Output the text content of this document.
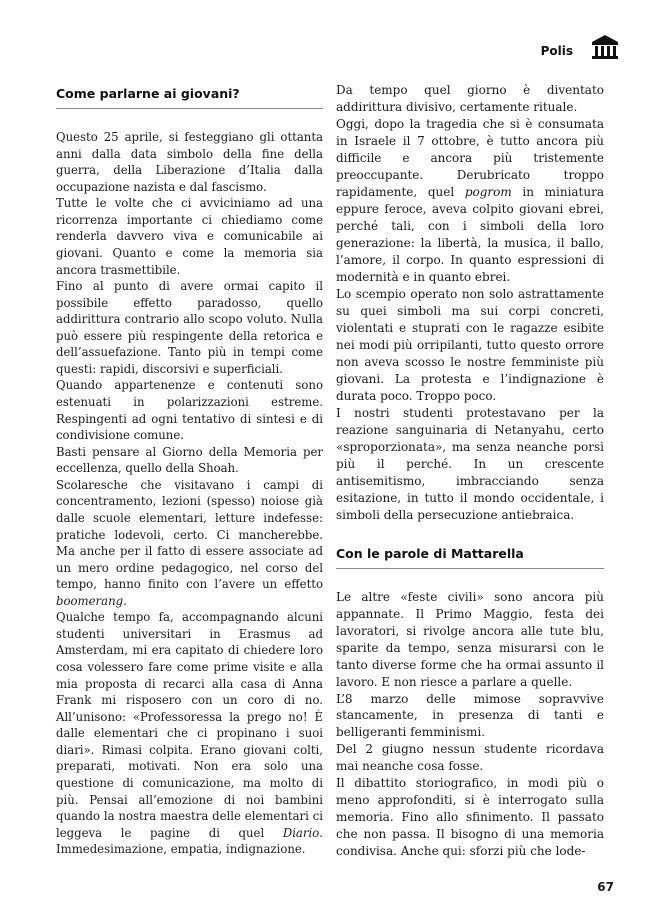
Polis
Come parlarne ai giovani?

Questo 25 aprile, si festeggiano gli ottanta anni dalla data simbolo della fine della guerra, della Liberazione d’Italia dalla occupazione nazista e dal fascismo.

Tutte le volte che ci avviciniamo ad una ricorrenza importante ci chiediamo come renderla davvero viva e comunicabile ai giovani. Quanto e come la memoria sia ancora trasmettibile.

Fino al punto di avere ormai capito il possibile effetto paradosso, quello addirittura contrario allo scopo voluto. Nulla può essere più respingente della retorica e dell’assuefazione. Tanto più in tempi come questi: rapidi, discorsivi e superficiali.

Quando appartenenze e contenuti sono estenuati in polarizzazioni estreme. Respingenti ad ogni tentativo di sintesi e di condivisione comune.

Basti pensare al Giorno della Memoria per eccellenza, quello della Shoah.

Scolaresche che visitavano i campi di concentramento, lezioni (spesso) noiose già dalle scuole elementari, letture indefesse: pratiche lodevoli, certo. Ci mancherebbe. Ma anche per il fatto di essere associate ad un mero ordine pedagogico, nel corso del tempo, hanno finito con l’avere un effetto boomerang.

Qualche tempo fa, accompagnando alcuni studenti universitari in Erasmus ad Amsterdam, mi era capitato di chiedere loro cosa volessero fare come prime visite e alla mia proposta di recarci alla casa di Anna Frank mi risposero con un coro di no. All’unisono: «Professoressa la prego no! È dalle elementari che ci propinano i suoi diari». Rimasi colpita. Erano giovani colti, preparati, motivati. Non era solo una questione di comunicazione, ma molto di più. Pensai all’emozione di noi bambini quando la nostra maestra delle elementari ci leggeva le pagine di quel Diario. Immedesimazione, empatia, indignazione.

Da tempo quel giorno è diventato addirittura divisivo, certamente rituale.

Oggi, dopo la tragedia che si è consumata in Israele il 7 ottobre, è tutto ancora più difficile e ancora più tristemente preoccupante. Derubricato troppo rapidamente, quel pogrom in miniatura eppure feroce, aveva colpito giovani ebrei, perché tali, con i simboli della loro generazione: la libertà, la musica, il ballo, l’amore, il corpo. In quanto espressioni di modernità e in quanto ebrei.

Lo scempio operato non solo astrattamente su quei simboli ma sui corpi concreti, violentati e stuprati con le ragazze esibite nei modi più orripilanti, tutto questo orrore non aveva scosso le nostre femministe più giovani. La protesta e l’indignazione è durata poco. Troppo poco.

I nostri studenti protestavano per la reazione sanguinaria di Netanyahu, certo «sproporzionata», ma senza neanche porsi più il perché. In un crescente antisemitismo, imbracciando senza esitazione, in tutto il mondo occidentale, i simboli della persecuzione antiebraica.

Con le parole di Mattarella

Le altre «feste civili» sono ancora più appannate. Il Primo Maggio, festa dei lavoratori, si rivolge ancora alle tute blu, sparite da tempo, senza misurarsi con le tanto diverse forme che ha ormai assunto il lavoro. E non riesce a parlare a quelle.

L’8 marzo delle mimose sopravvive stancamente, in presenza di tanti e belligeranti femminismi.

Del 2 giugno nessun studente ricordava mai neanche cosa fosse.

Il dibattito storiografico, in modi più o meno approfonditi, si è interrogato sulla memoria. Fino allo sfinimento. Il passato che non passa. Il bisogno di una memoria condivisa. Anche qui: sforzi più che lode-

67
